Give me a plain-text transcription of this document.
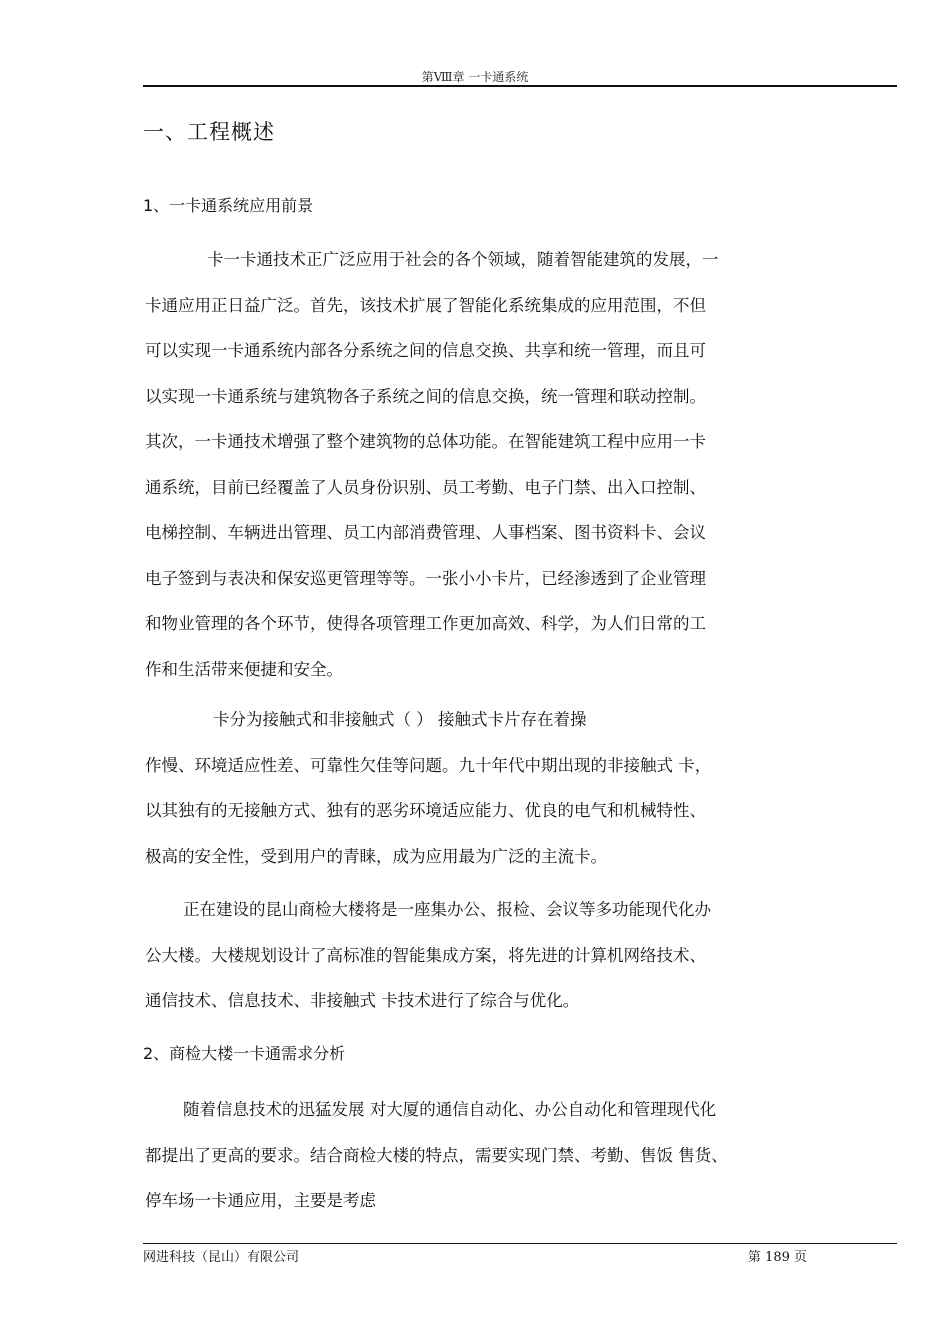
第Ⅷ章 一卡通系统
一、工程概述
1、一卡通系统应用前景
卡一卡通技术正广泛应用于社会的各个领域，随着智能建筑的发展，一
卡通应用正日益广泛。首先，该技术扩展了智能化系统集成的应用范围，不但
可以实现一卡通系统内部各分系统之间的信息交换、共享和统一管理，而且可
以实现一卡通系统与建筑物各子系统之间的信息交换，统一管理和联动控制。
其次，一卡通技术增强了整个建筑物的总体功能。在智能建筑工程中应用一卡
通系统，目前已经覆盖了人员身份识别、员工考勤、电子门禁、出入口控制、
电梯控制、车辆进出管理、员工内部消费管理、人事档案、图书资料卡、会议
电子签到与表决和保安巡更管理等等。一张小小卡片，已经渗透到了企业管理
和物业管理的各个环节，使得各项管理工作更加高效、科学，为人们日常的工
作和生活带来便捷和安全。
卡分为接触式和非接触式（ ） 接触式卡片存在着操
作慢、环境适应性差、可靠性欠佳等问题。九十年代中期出现的非接触式 卡，
以其独有的无接触方式、独有的恶劣环境适应能力、优良的电气和机械特性、
极高的安全性，受到用户的青睐，成为应用最为广泛的主流卡。
正在建设的昆山商检大楼将是一座集办公、报检、会议等多功能现代化办
公大楼。大楼规划设计了高标准的智能集成方案，将先进的计算机网络技术、
通信技术、信息技术、非接触式 卡技术进行了综合与优化。
2、商检大楼一卡通需求分析
随着信息技术的迅猛发展 对大厦的通信自动化、办公自动化和管理现代化
都提出了更高的要求。结合商检大楼的特点，需要实现门禁、考勤、售饭 售货、
停车场一卡通应用，主要是考虑
网进科技（昆山）有限公司	第 189 页
